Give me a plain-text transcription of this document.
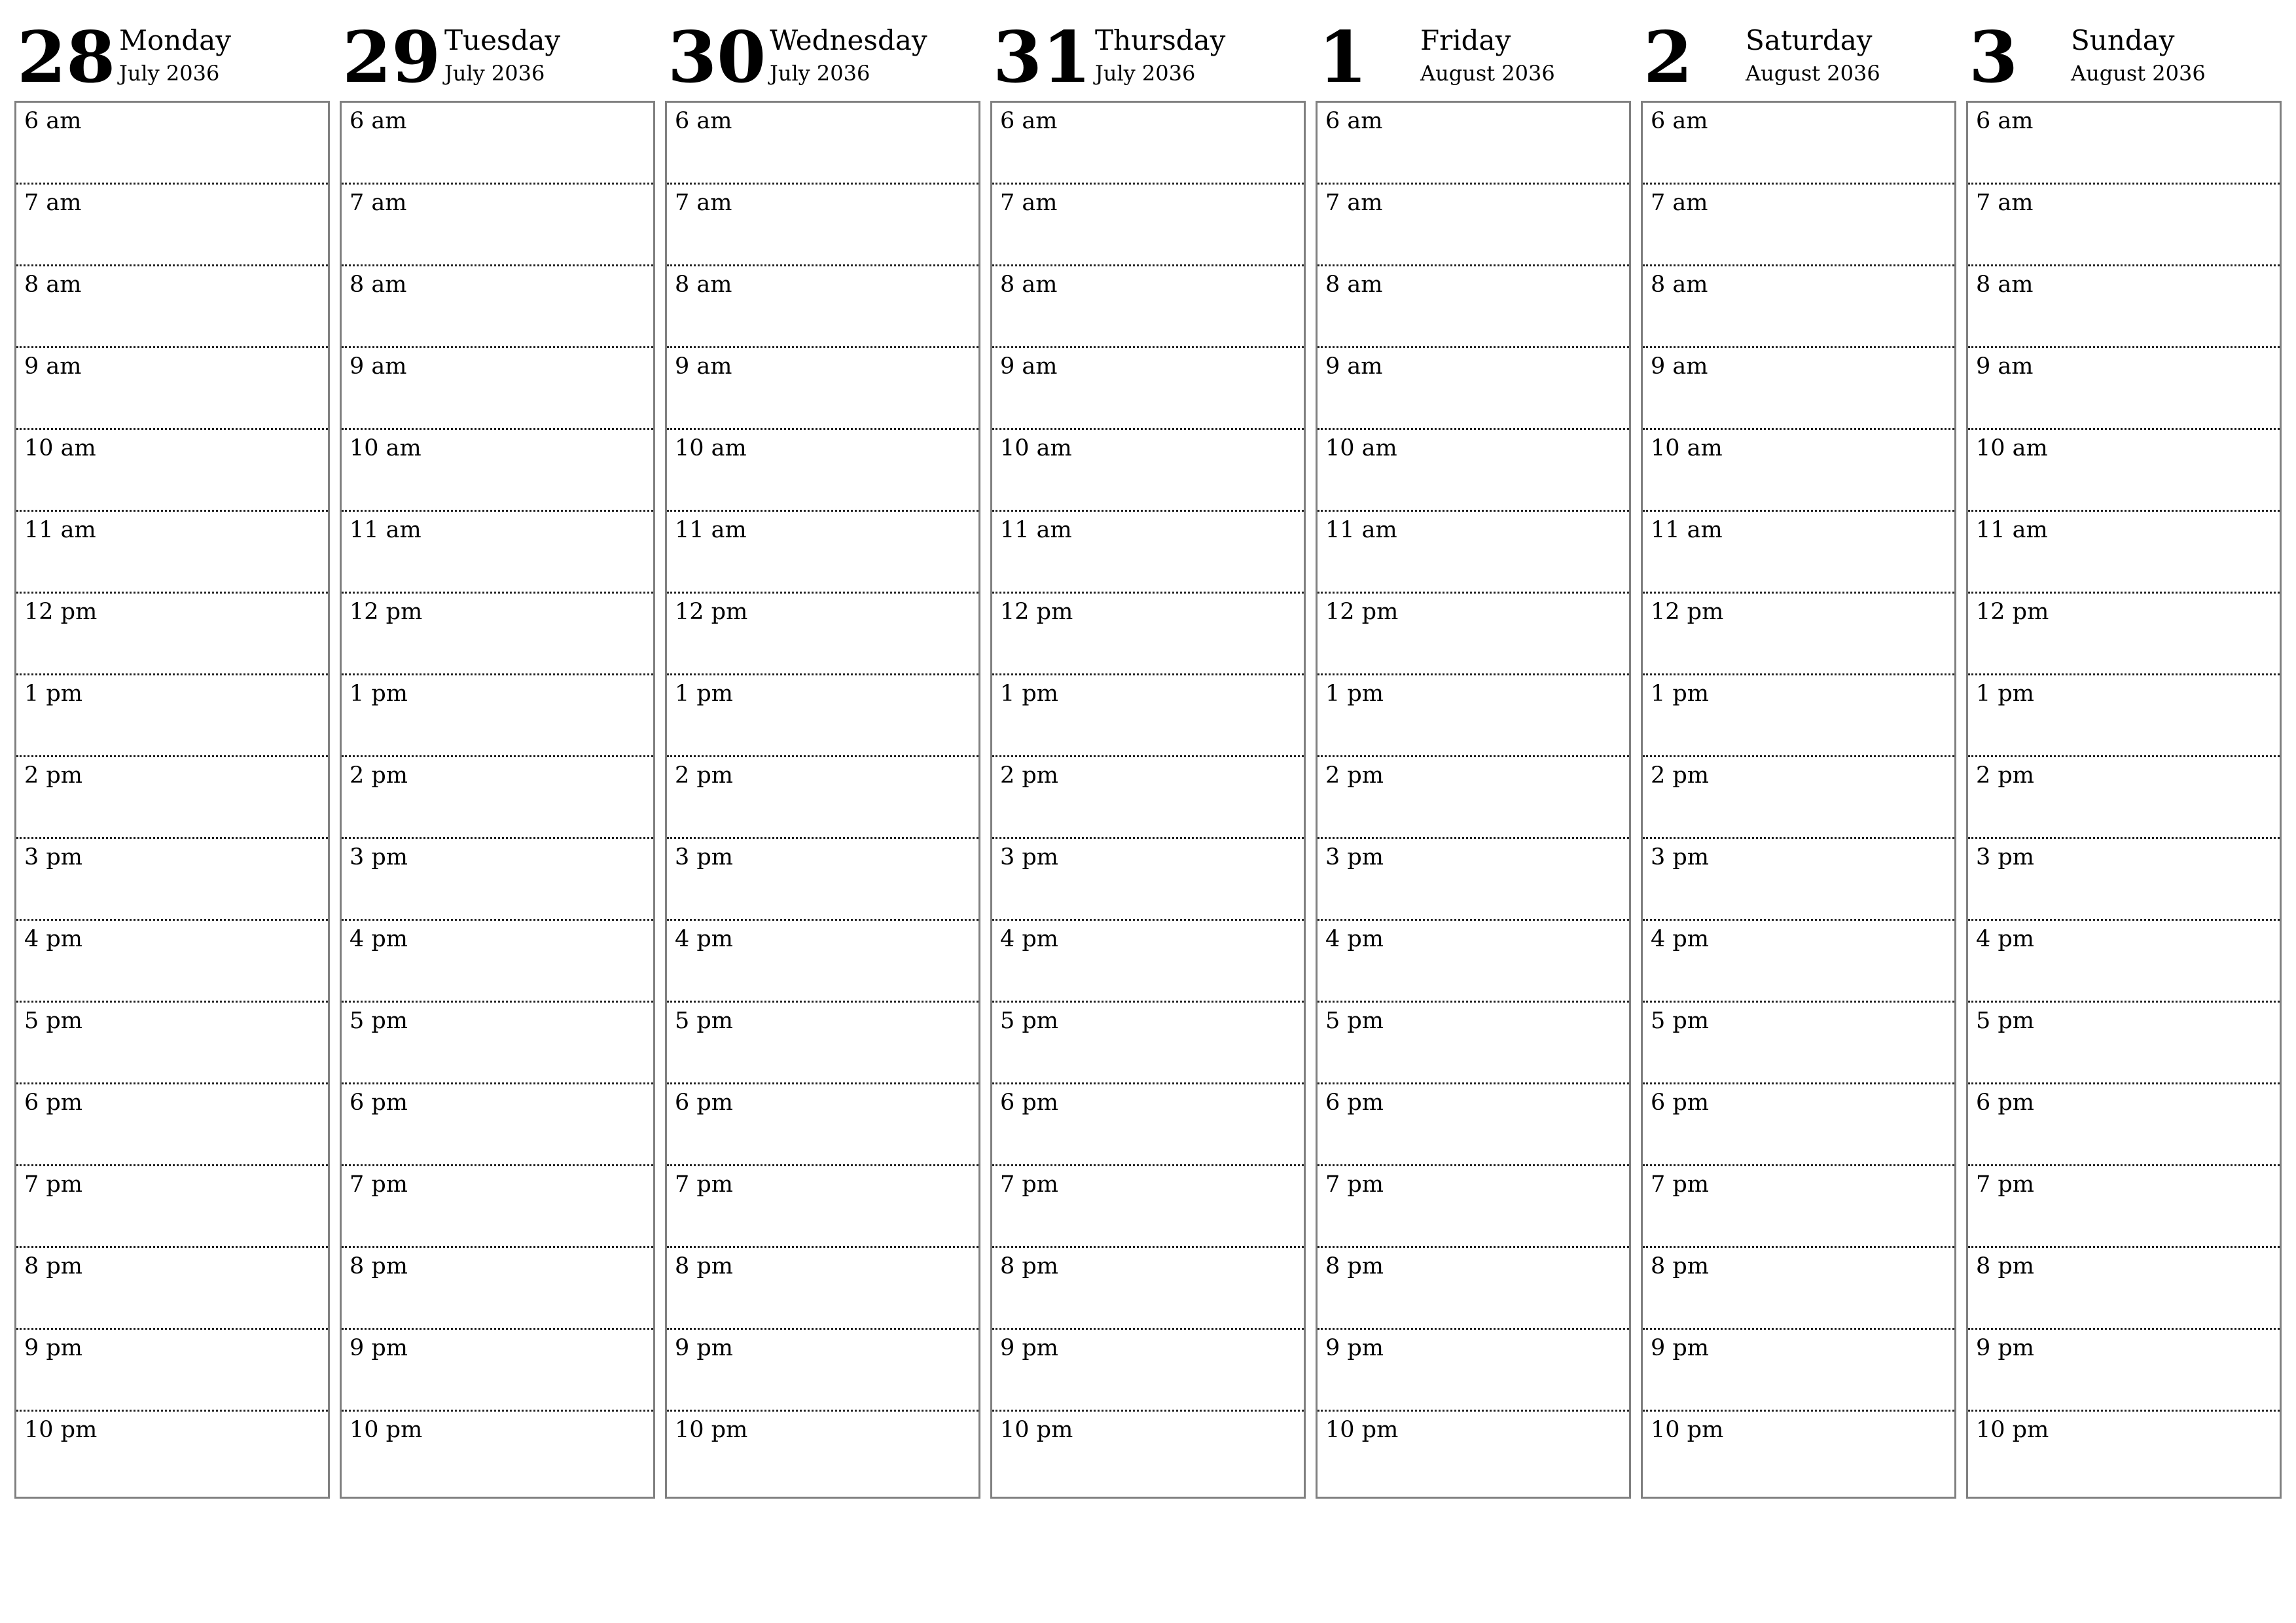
28 Monday
July 2036
6 am
7 am
8 am
9 am
10 am
11 am
12 pm
1 pm
2 pm
3 pm
4 pm
5 pm
6 pm
7 pm
8 pm
9 pm
10 pm
29 Tuesday
July 2036
6 am
7 am
8 am
9 am
10 am
11 am
12 pm
1 pm
2 pm
3 pm
4 pm
5 pm
6 pm
7 pm
8 pm
9 pm
10 pm
30 Wednesday
July 2036
6 am
7 am
8 am
9 am
10 am
11 am
12 pm
1 pm
2 pm
3 pm
4 pm
5 pm
6 pm
7 pm
8 pm
9 pm
10 pm
31 Thursday
July 2036
6 am
7 am
8 am
9 am
10 am
11 am
12 pm
1 pm
2 pm
3 pm
4 pm
5 pm
6 pm
7 pm
8 pm
9 pm
10 pm
1 Friday
August 2036
6 am
7 am
8 am
9 am
10 am
11 am
12 pm
1 pm
2 pm
3 pm
4 pm
5 pm
6 pm
7 pm
8 pm
9 pm
10 pm
2 Saturday
August 2036
6 am
7 am
8 am
9 am
10 am
11 am
12 pm
1 pm
2 pm
3 pm
4 pm
5 pm
6 pm
7 pm
8 pm
9 pm
10 pm
3 Sunday
August 2036
6 am
7 am
8 am
9 am
10 am
11 am
12 pm
1 pm
2 pm
3 pm
4 pm
5 pm
6 pm
7 pm
8 pm
9 pm
10 pm
